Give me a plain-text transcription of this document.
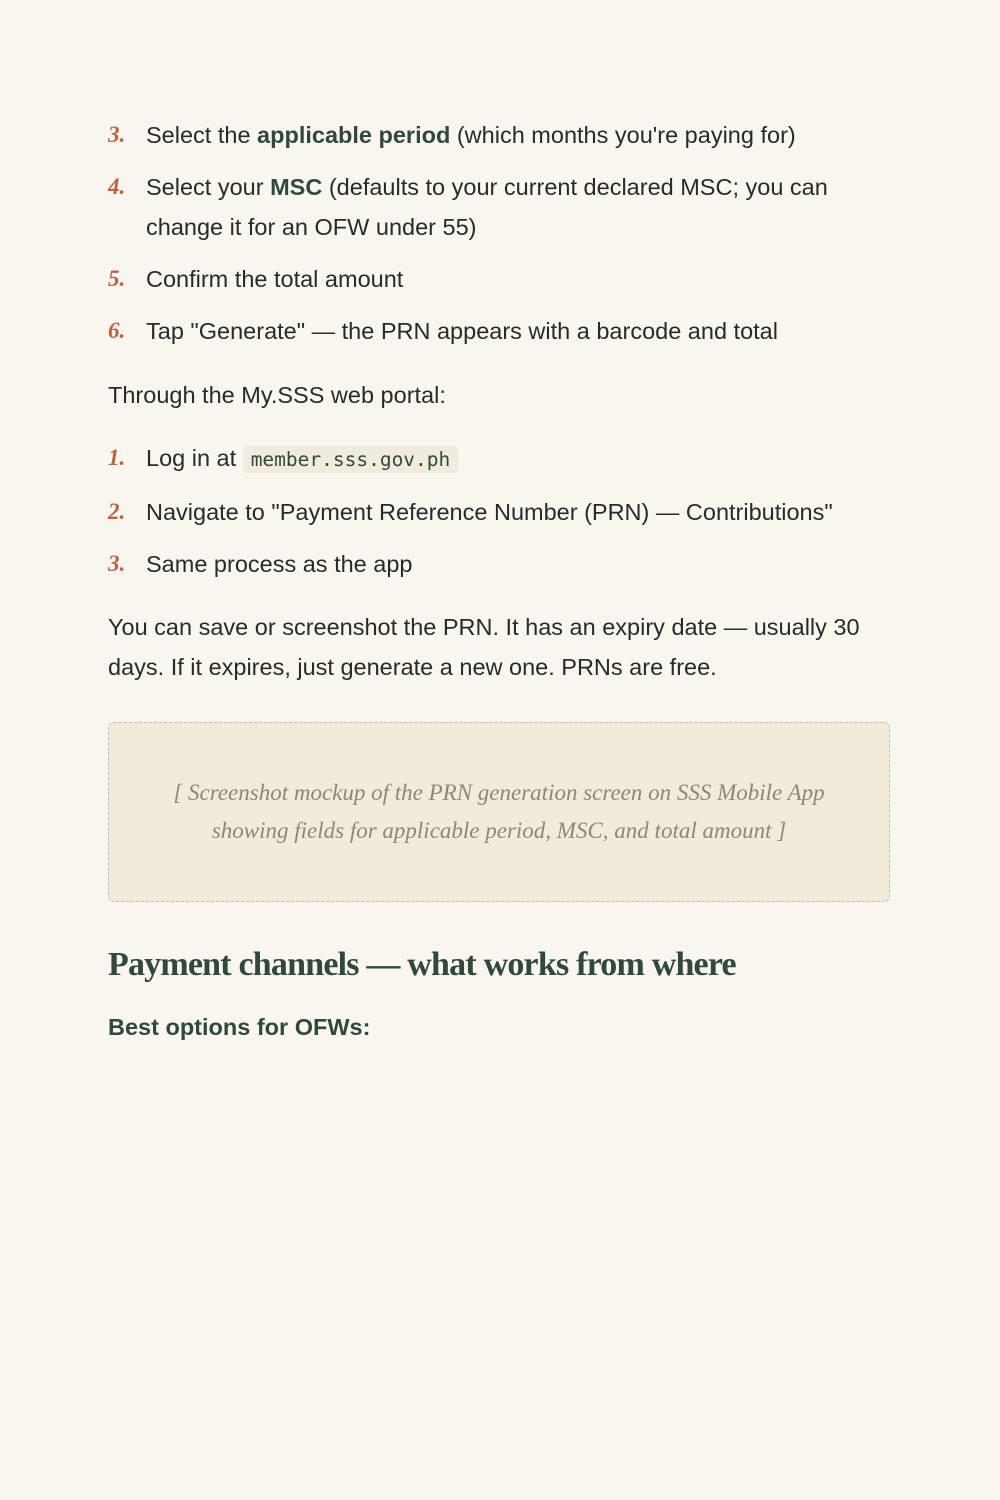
3. Select the applicable period (which months you're paying for)
4. Select your MSC (defaults to your current declared MSC; you can change it for an OFW under 55)
5. Confirm the total amount
6. Tap "Generate" — the PRN appears with a barcode and total

Through the My.SSS web portal:

1. Log in at member.sss.gov.ph
2. Navigate to "Payment Reference Number (PRN) — Contributions"
3. Same process as the app

You can save or screenshot the PRN. It has an expiry date — usually 30 days. If it expires, just generate a new one. PRNs are free.

[ Screenshot mockup of the PRN generation screen on SSS Mobile App showing fields for applicable period, MSC, and total amount ]
Payment channels — what works from where
Best options for OFWs:
